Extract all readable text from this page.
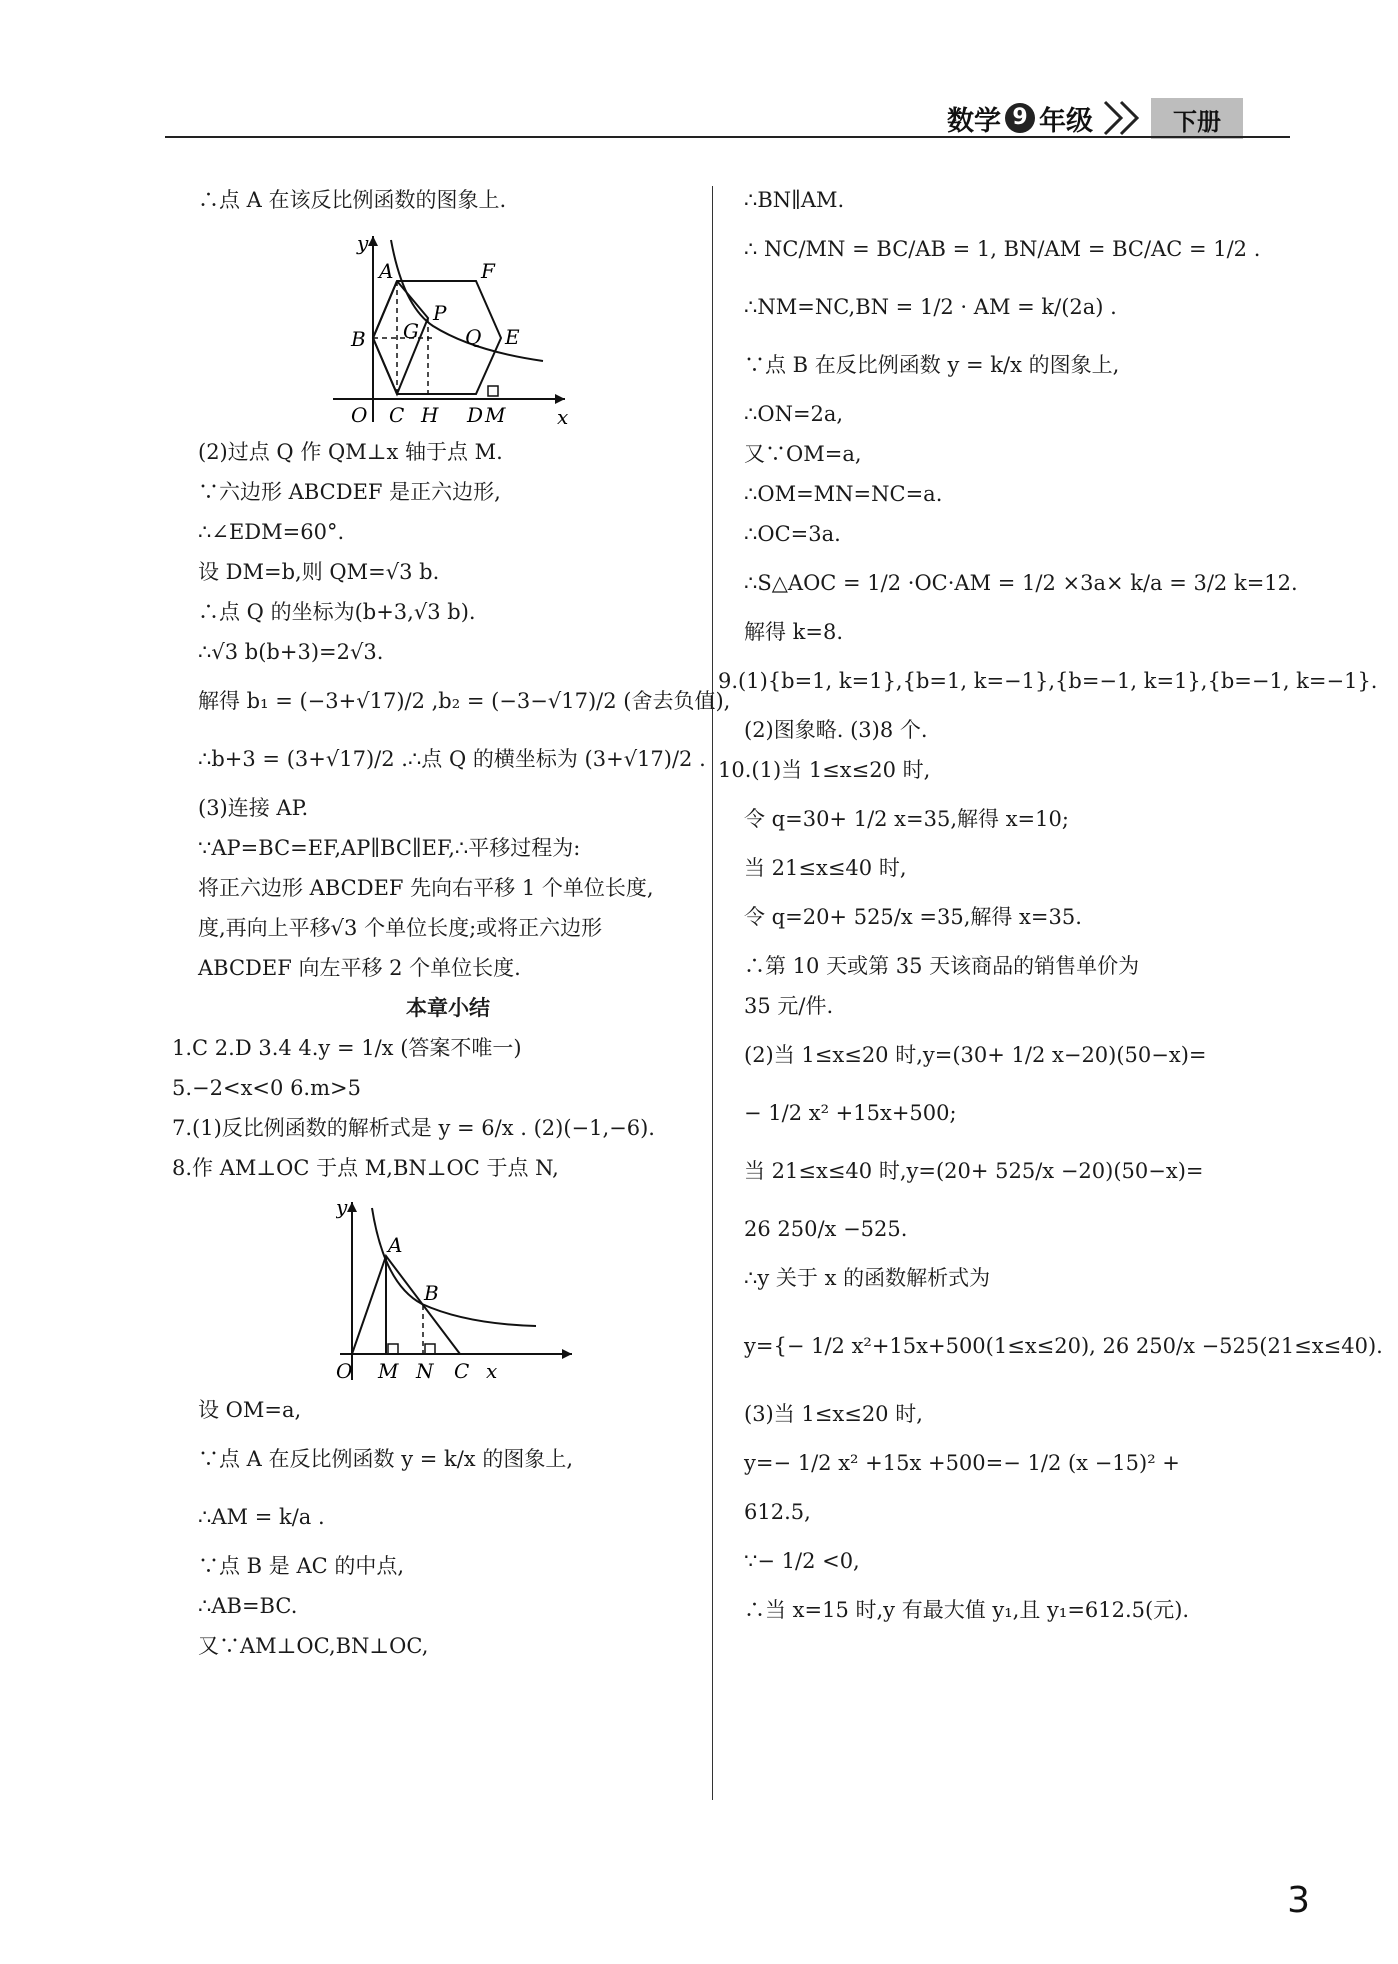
数学 9 年级	下册

∴点 A 在该反比例函数的图象上.

y
A	F
B G
P
Q E
O C H D M	x

(2)过点 Q 作 QM⊥x 轴于点 M.

∵六边形 ABCDEF 是正六边形,

∴∠EDM=60°.

设 DM=b,则 QM=√3 b.

∴点 Q 的坐标为(b+3,√3 b).

∴√3 b(b+3)=2√3.

解得 b₁ = (−3+√17)/2 ,b₂ = (−3−√17)/2 (舍去负值),

∴b+3 = (3+√17)/2 .∴点 Q 的横坐标为 (3+√17)/2 .

(3)连接 AP.

∵AP=BC=EF,AP∥BC∥EF,∴平移过程为:

将正六边形 ABCDEF 先向右平移 1 个单位长度,

度,再向上平移√3 个单位长度;或将正六边形

ABCDEF 向左平移 2 个单位长度.

本章小结

1.C 2.D 3.4 4.y = 1/x (答案不唯一)

5.−2<x<0 6.m>5

7.(1)反比例函数的解析式是 y = 6/x . (2)(−1,−6).

8.作 AM⊥OC 于点 M,BN⊥OC 于点 N,

y
A
B
O M N C x

设 OM=a,

∵点 A 在反比例函数 y = k/x 的图象上,

∴AM = k/a .

∵点 B 是 AC 的中点,

∴AB=BC.

又∵AM⊥OC,BN⊥OC,

∴BN∥AM.

∴ NC/MN = BC/AB = 1, BN/AM = BC/AC = 1/2 .

∴NM=NC,BN = 1/2 · AM = k/(2a) .

∵点 B 在反比例函数 y = k/x 的图象上,

∴ON=2a,

又∵OM=a,

∴OM=MN=NC=a.

∴OC=3a.

∴S△AOC = 1/2 ·OC·AM = 1/2 ×3a× k/a = 3/2 k=12.

解得 k=8.

9.(1){b=1, k=1},{b=1, k=−1},{b=−1, k=1},{b=−1, k=−1}.

(2)图象略. (3)8 个.

10.(1)当 1≤x≤20 时,

令 q=30+ 1/2 x=35,解得 x=10;

当 21≤x≤40 时,

令 q=20+ 525/x =35,解得 x=35.

∴第 10 天或第 35 天该商品的销售单价为

35 元/件.

(2)当 1≤x≤20 时,y=(30+ 1/2 x−20)(50−x)=

− 1/2 x² +15x+500;

当 21≤x≤40 时,y=(20+ 525/x −20)(50−x)=

26 250/x −525.

∴y 关于 x 的函数解析式为

y={− 1/2 x²+15x+500(1≤x≤20), 26 250/x −525(21≤x≤40).

(3)当 1≤x≤20 时,

y=− 1/2 x² +15x +500=− 1/2 (x −15)² +

612.5,

∵− 1/2 <0,

∴当 x=15 时,y 有最大值 y₁,且 y₁=612.5(元).

3
